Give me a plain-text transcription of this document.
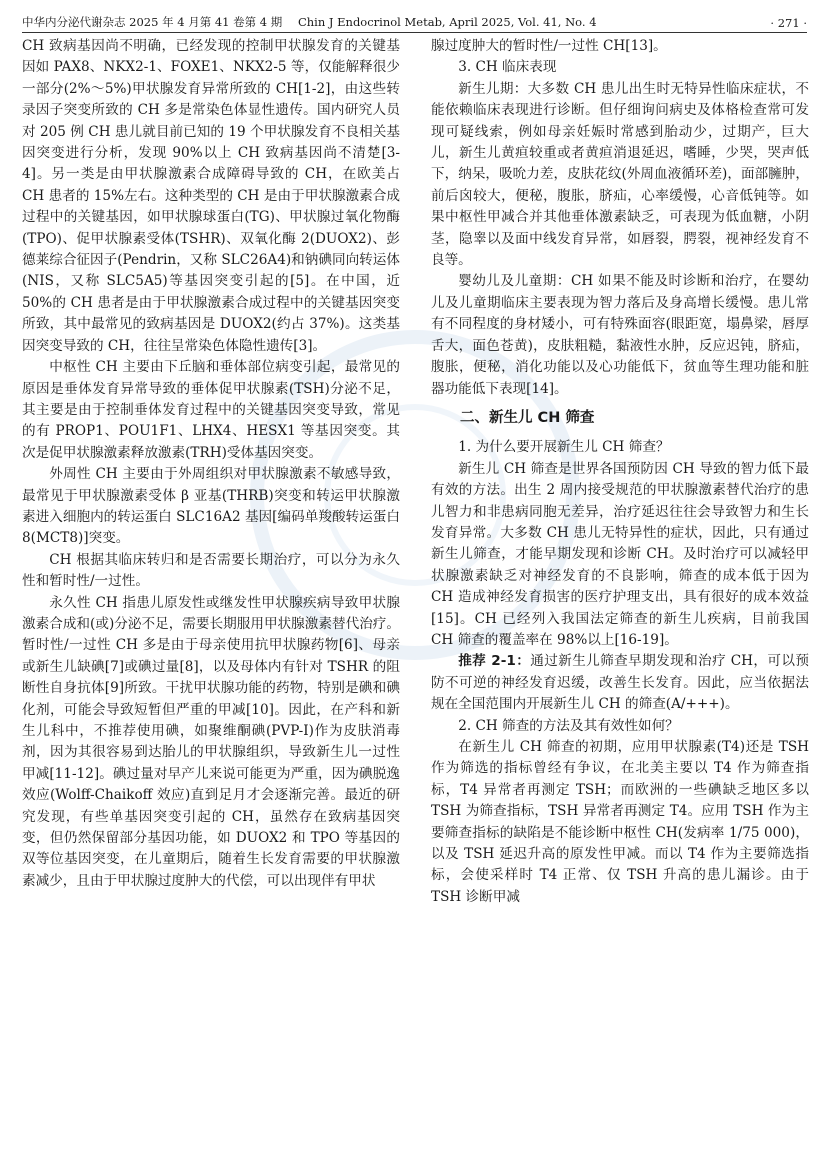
中华内分泌代谢杂志 2025 年 4 月第 41 卷第 4 期 Chin J Endocrinol Metab, April 2025, Vol. 41, No. 4	· 271 ·

CH 致病基因尚不明确，已经发现的控制甲状腺发育的关键基因如 PAX8、NKX2-1、FOXE1、NKX2-5 等，仅能解释很少一部分(2%～5%)甲状腺发育异常所致的 CH[1-2]，由这些转录因子突变所致的 CH 多是常染色体显性遗传。国内研究人员对 205 例 CH 患儿就目前已知的 19 个甲状腺发育不良相关基因突变进行分析，发现 90%以上 CH 致病基因尚不清楚[3-4]。另一类是由甲状腺激素合成障碍导致的 CH，在欧美占 CH 患者的 15%左右。这种类型的 CH 是由于甲状腺激素合成过程中的关键基因，如甲状腺球蛋白(TG)、甲状腺过氧化物酶(TPO)、促甲状腺素受体(TSHR)、双氧化酶 2(DUOX2)、彭德莱综合征因子(Pendrin，又称 SLC26A4)和钠碘同向转运体(NIS，又称 SLC5A5)等基因突变引起的[5]。在中国，近 50%的 CH 患者是由于甲状腺激素合成过程中的关键基因突变所致，其中最常见的致病基因是 DUOX2(约占 37%)。这类基因突变导致的 CH，往往呈常染色体隐性遗传[3]。

中枢性 CH 主要由下丘脑和垂体部位病变引起，最常见的原因是垂体发育异常导致的垂体促甲状腺素(TSH)分泌不足，其主要是由于控制垂体发育过程中的关键基因突变导致，常见的有 PROP1、POU1F1、LHX4、HESX1 等基因突变。其次是促甲状腺激素释放激素(TRH)受体基因突变。

外周性 CH 主要由于外周组织对甲状腺激素不敏感导致，最常见于甲状腺激素受体 β 亚基(THRB)突变和转运甲状腺激素进入细胞内的转运蛋白 SLC16A2 基因[编码单羧酸转运蛋白 8(MCT8)]突变。

CH 根据其临床转归和是否需要长期治疗，可以分为永久性和暂时性/一过性。

永久性 CH 指患儿原发性或继发性甲状腺疾病导致甲状腺激素合成和(或)分泌不足，需要长期服用甲状腺激素替代治疗。暂时性/一过性 CH 多是由于母亲使用抗甲状腺药物[6]、母亲或新生儿缺碘[7]或碘过量[8]，以及母体内有针对 TSHR 的阻断性自身抗体[9]所致。干扰甲状腺功能的药物，特别是碘和碘化剂，可能会导致短暂但严重的甲减[10]。因此，在产科和新生儿科中，不推荐使用碘，如聚维酮碘(PVP-I)作为皮肤消毒剂，因为其很容易到达胎儿的甲状腺组织，导致新生儿一过性甲减[11-12]。碘过量对早产儿来说可能更为严重，因为碘脱逸效应(Wolff-Chaikoff 效应)直到足月才会逐渐完善。最近的研究发现，有些单基因突变引起的 CH，虽然存在致病基因突变，但仍然保留部分基因功能，如 DUOX2 和 TPO 等基因的双等位基因突变，在儿童期后，随着生长发育需要的甲状腺激素减少，且由于甲状腺过度肿大的代偿，可以出现伴有甲状

腺过度肿大的暂时性/一过性 CH[13]。

3. CH 临床表现

新生儿期：大多数 CH 患儿出生时无特异性临床症状，不能依赖临床表现进行诊断。但仔细询问病史及体格检查常可发现可疑线索，例如母亲妊娠时常感到胎动少，过期产，巨大儿，新生儿黄疸较重或者黄疸消退延迟，嗜睡，少哭，哭声低下，纳呆，吸吮力差，皮肤花纹(外周血液循环差)，面部臃肿，前后囟较大，便秘，腹胀，脐疝，心率缓慢，心音低钝等。如果中枢性甲减合并其他垂体激素缺乏，可表现为低血糖，小阴茎，隐睾以及面中线发育异常，如唇裂，腭裂，视神经发育不良等。

婴幼儿及儿童期：CH 如果不能及时诊断和治疗，在婴幼儿及儿童期临床主要表现为智力落后及身高增长缓慢。患儿常有不同程度的身材矮小，可有特殊面容(眼距宽，塌鼻梁，唇厚舌大，面色苍黄)，皮肤粗糙，黏液性水肿，反应迟钝，脐疝，腹胀，便秘，消化功能以及心功能低下，贫血等生理功能和脏器功能低下表现[14]。

二、新生儿 CH 筛查
1. 为什么要开展新生儿 CH 筛查？

新生儿 CH 筛查是世界各国预防因 CH 导致的智力低下最有效的方法。出生 2 周内接受规范的甲状腺激素替代治疗的患儿智力和非患病同胞无差异，治疗延迟往往会导致智力和生长发育异常。大多数 CH 患儿无特异性的症状，因此，只有通过新生儿筛查，才能早期发现和诊断 CH。及时治疗可以减轻甲状腺激素缺乏对神经发育的不良影响，筛查的成本低于因为 CH 造成神经发育损害的医疗护理支出，具有很好的成本效益[15]。CH 已经列入我国法定筛查的新生儿疾病，目前我国 CH 筛查的覆盖率在 98%以上[16-19]。

推荐 2-1：通过新生儿筛查早期发现和治疗 CH，可以预防不可逆的神经发育迟缓，改善生长发育。因此，应当依据法规在全国范围内开展新生儿 CH 的筛查(A/+++)。

2. CH 筛查的方法及其有效性如何？

在新生儿 CH 筛查的初期，应用甲状腺素(T4)还是 TSH 作为筛选的指标曾经有争议，在北美主要以 T4 作为筛查指标，T4 异常者再测定 TSH；而欧洲的一些碘缺乏地区多以 TSH 为筛查指标，TSH 异常者再测定 T4。应用 TSH 作为主要筛查指标的缺陷是不能诊断中枢性 CH(发病率 1/75 000)，以及 TSH 延迟升高的原发性甲减。而以 T4 作为主要筛选指标，会使采样时 T4 正常、仅 TSH 升高的患儿漏诊。由于 TSH 诊断甲减
